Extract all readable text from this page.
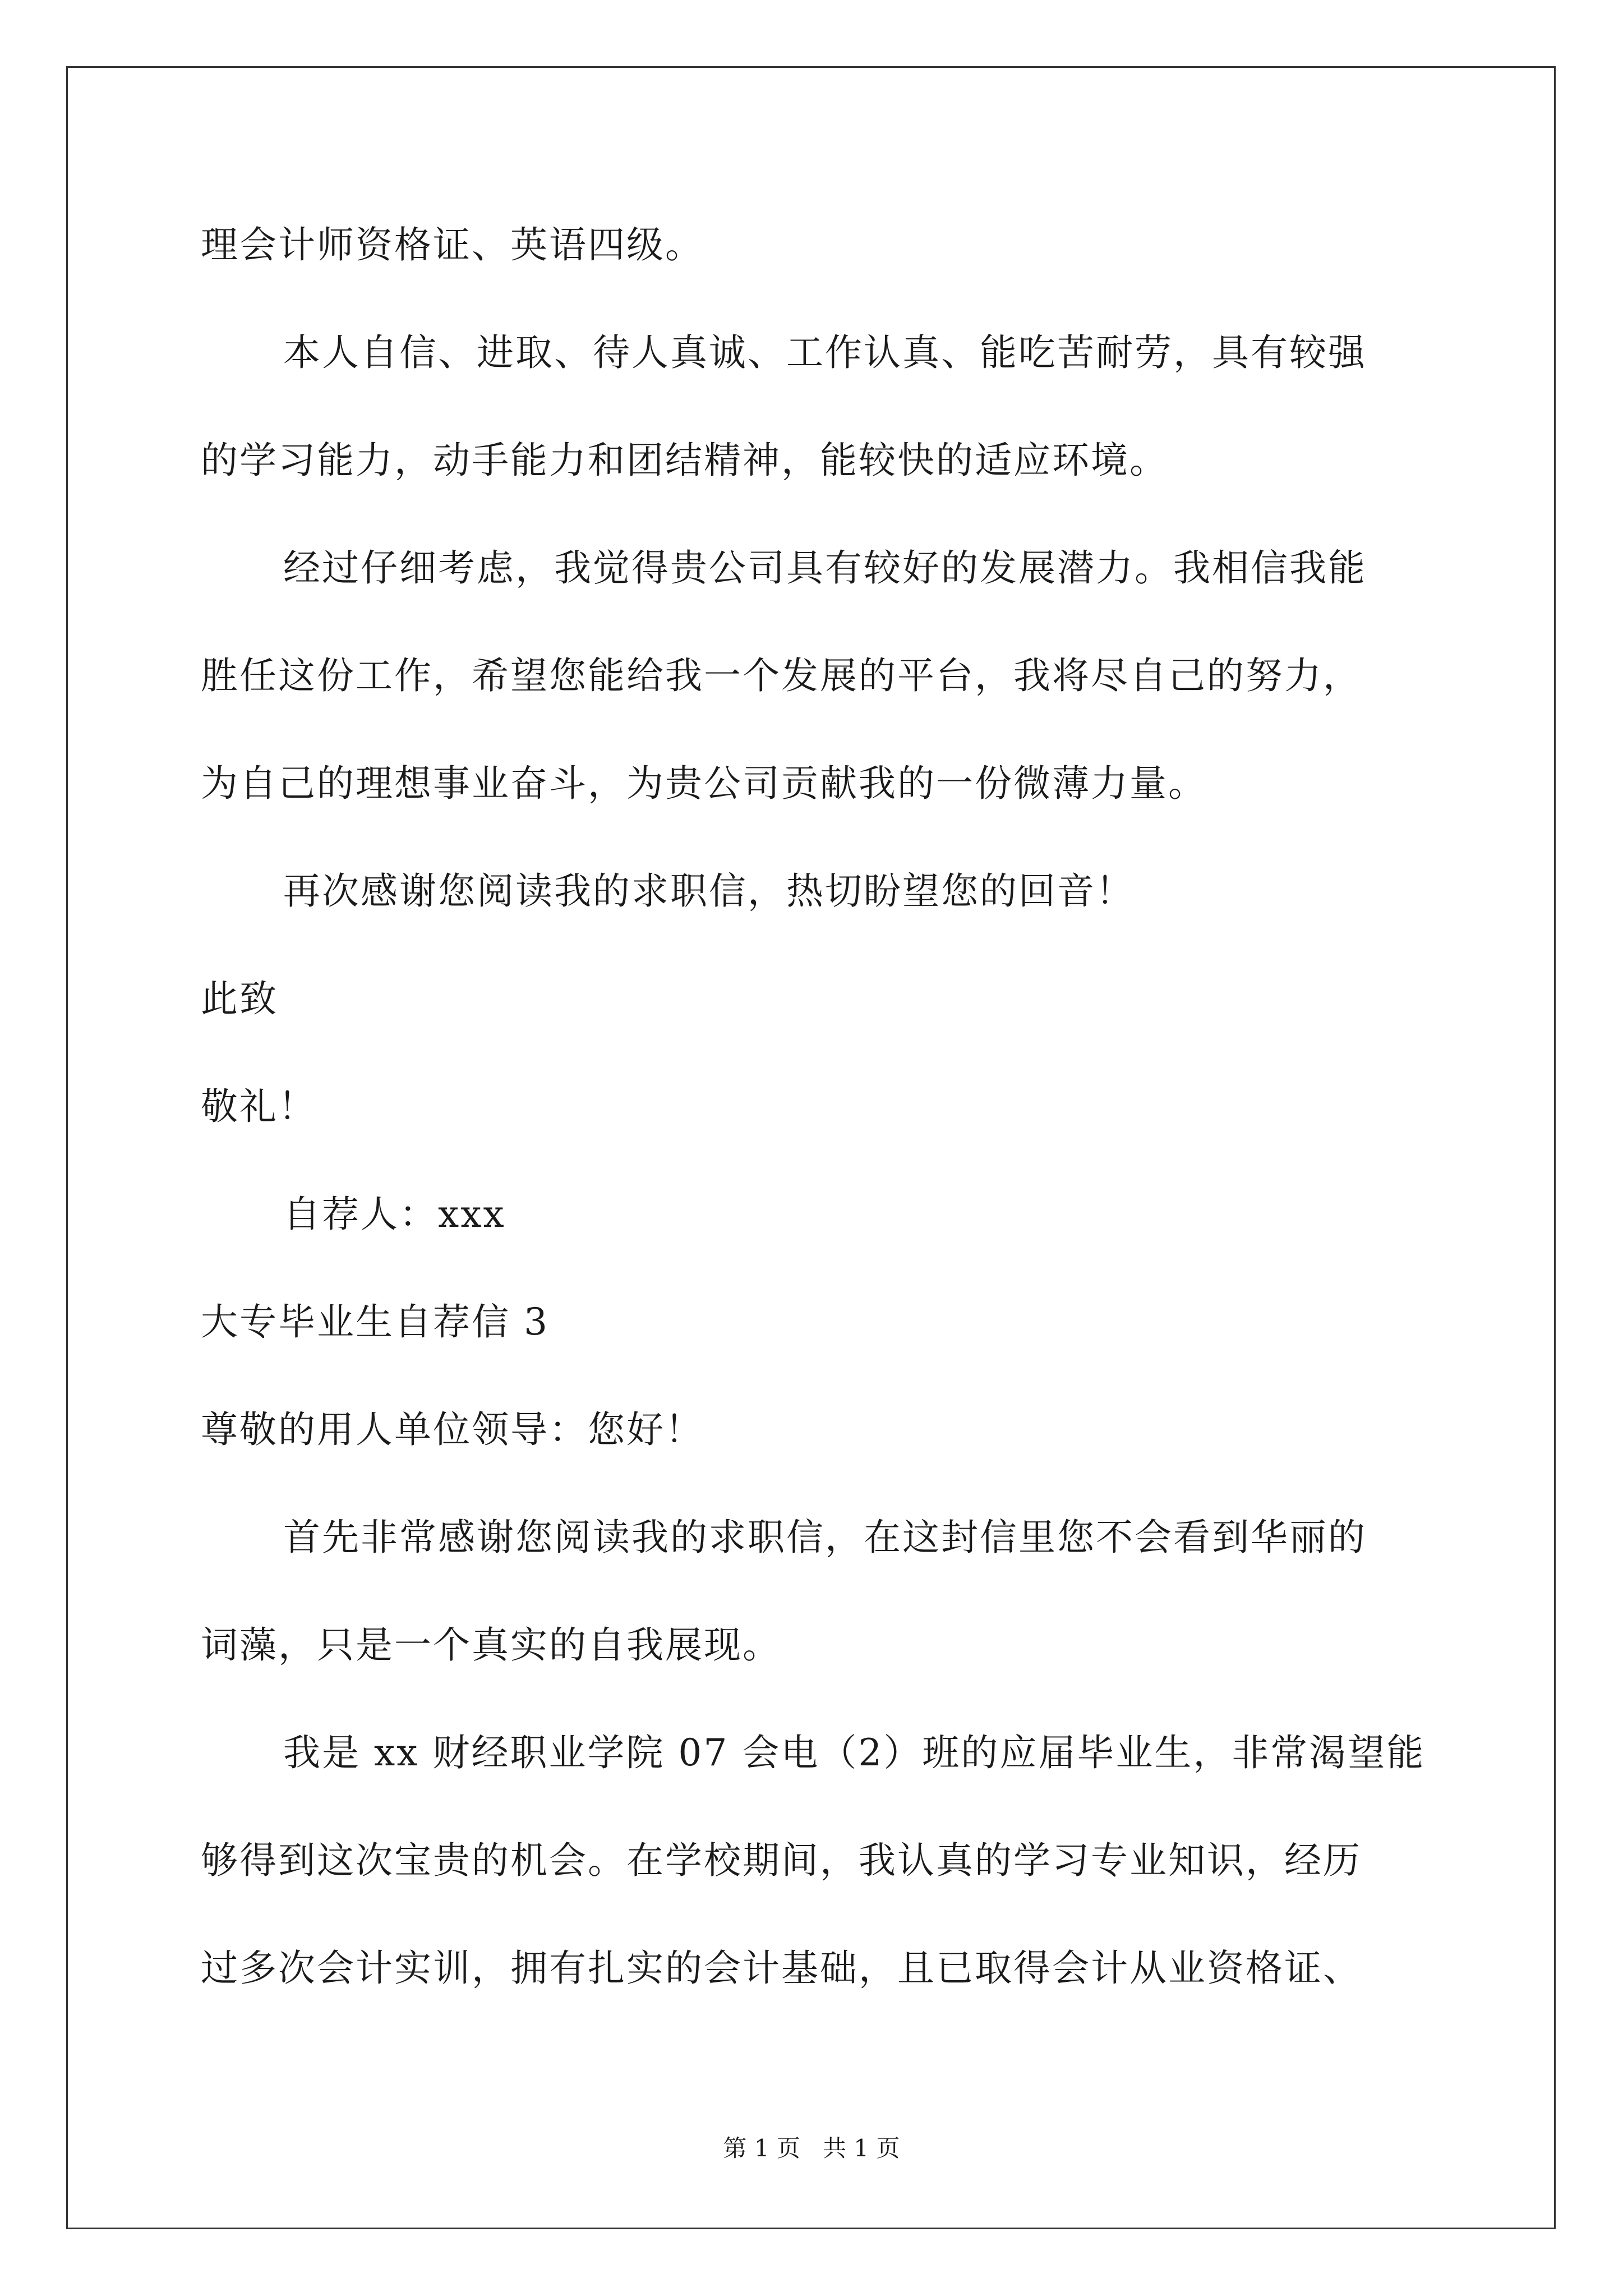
理会计师资格证、英语四级。
本人自信、进取、待人真诚、工作认真、能吃苦耐劳，具有较强
的学习能力，动手能力和团结精神，能较快的适应环境。
经过仔细考虑，我觉得贵公司具有较好的发展潜力。我相信我能
胜任这份工作，希望您能给我一个发展的平台，我将尽自己的努力，
为自己的理想事业奋斗，为贵公司贡献我的一份微薄力量。
再次感谢您阅读我的求职信，热切盼望您的回音！
此致
敬礼！
自荐人：xxx
大专毕业生自荐信 3
尊敬的用人单位领导：您好！
首先非常感谢您阅读我的求职信，在这封信里您不会看到华丽的
词藻，只是一个真实的自我展现。
我是 xx 财经职业学院 07 会电（2）班的应届毕业生，非常渴望能
够得到这次宝贵的机会。在学校期间，我认真的学习专业知识，经历
过多次会计实训，拥有扎实的会计基础，且已取得会计从业资格证、
第 1 页   共 1 页
